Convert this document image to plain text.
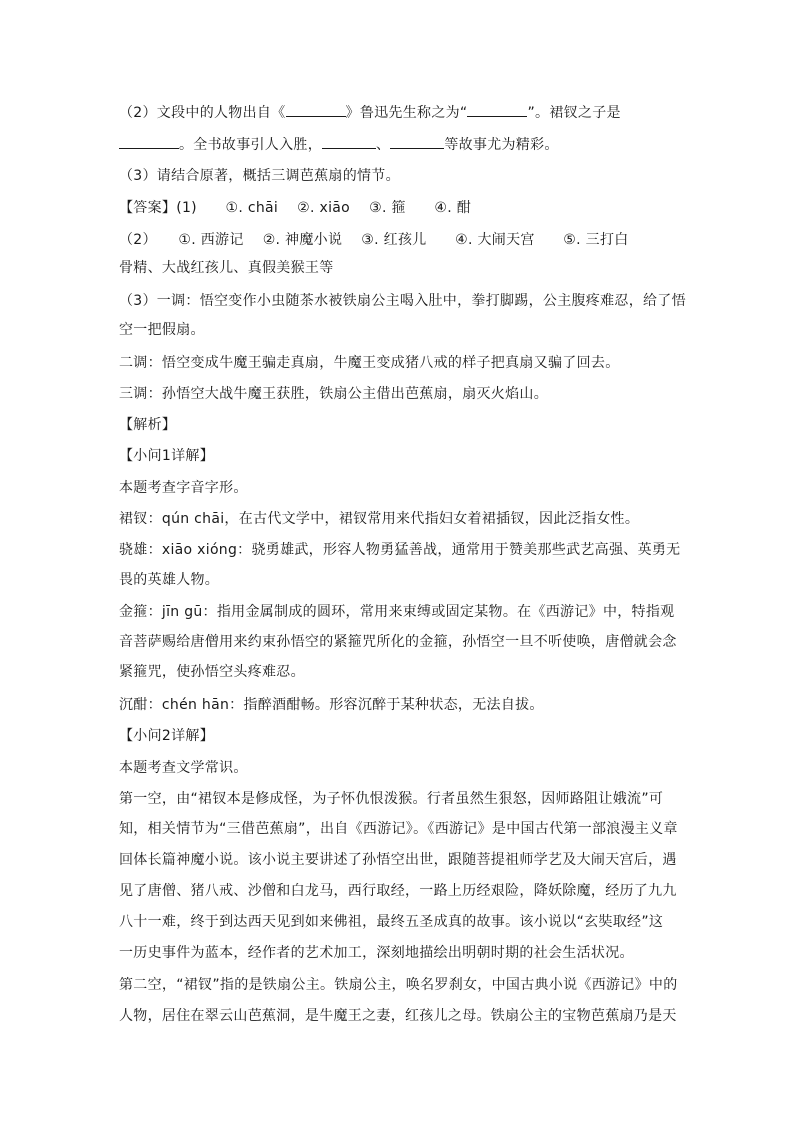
（2）文段中的人物出自《	》鲁迅先生称之为“	”。裙钗之子是
。全书故事引人入胜，	、	等故事尤为精彩。
（3）请结合原著，概括三调芭蕉扇的情节。
【答案】(1)　　①. chāi　 ②. xiāo　 ③. 箍　　④. 酣
（2）　　①. 西游记　 ②. 神魔小说　 ③. 红孩儿　　④. 大闹天宫　　⑤. 三打白
骨精、大战红孩儿、真假美猴王等
（3）一调：悟空变作小虫随茶水被铁扇公主喝入肚中，拳打脚踢，公主腹疼难忍，给了悟
空一把假扇。
二调：悟空变成牛魔王骗走真扇，牛魔王变成猪八戒的样子把真扇又骗了回去。
三调：孙悟空大战牛魔王获胜，铁扇公主借出芭蕉扇，扇灭火焰山。
【解析】
【小问1详解】
本题考查字音字形。
裙钗：qún chāi，在古代文学中，裙钗常用来代指妇女着裙插钗，因此泛指女性。
骁雄：xiāo xióng：骁勇雄武，形容人物勇猛善战，通常用于赞美那些武艺高强、英勇无
畏的英雄人物。
金箍：jīn gū：指用金属制成的圆环，常用来束缚或固定某物。在《西游记》中，特指观
音菩萨赐给唐僧用来约束孙悟空的紧箍咒所化的金箍，孙悟空一旦不听使唤，唐僧就会念
紧箍咒，使孙悟空头疼难忍。
沉酣：chén hān：指醉酒酣畅。形容沉醉于某种状态，无法自拔。
【小问2详解】
本题考查文学常识。
第一空，由“裙钗本是修成怪，为子怀仇恨泼猴。行者虽然生狠怒，因师路阻让娥流”可
知，相关情节为“三借芭蕉扇”，出自《西游记》。《西游记》是中国古代第一部浪漫主义章
回体长篇神魔小说。该小说主要讲述了孙悟空出世，跟随菩提祖师学艺及大闹天宫后，遇
见了唐僧、猪八戒、沙僧和白龙马，西行取经，一路上历经艰险，降妖除魔，经历了九九
八十一难，终于到达西天见到如来佛祖，最终五圣成真的故事。该小说以“玄奘取经”这
一历史事件为蓝本，经作者的艺术加工，深刻地描绘出明朝时期的社会生活状况。
第二空，“裙钗”指的是铁扇公主。铁扇公主，唤名罗刹女，中国古典小说《西游记》中的
人物，居住在翠云山芭蕉洞，是牛魔王之妻，红孩儿之母。铁扇公主的宝物芭蕉扇乃是天
